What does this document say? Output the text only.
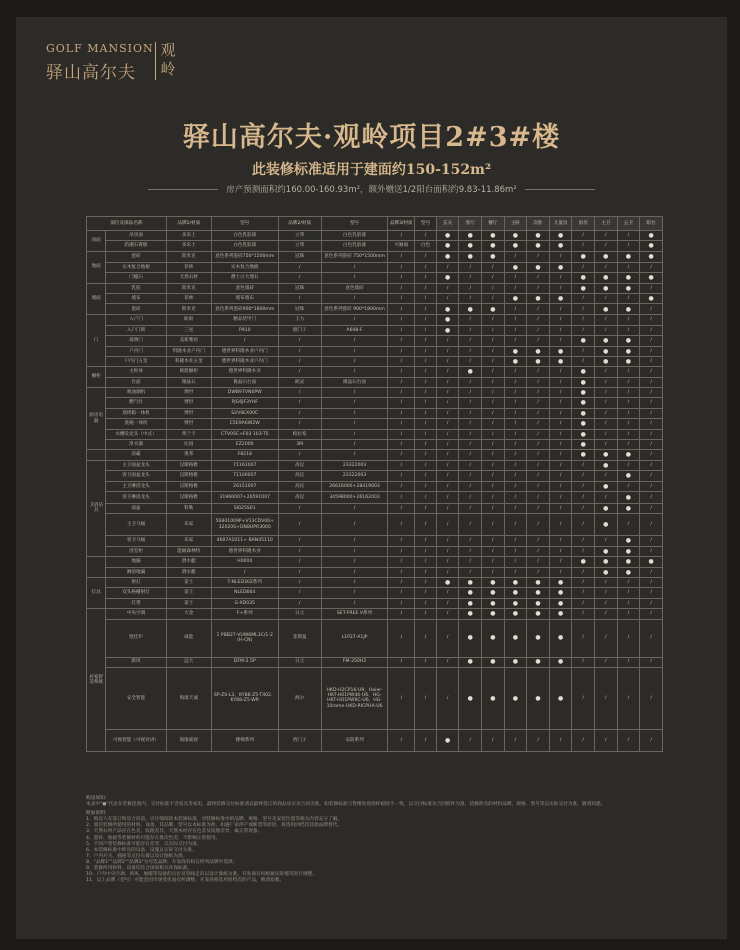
GOLF MANSION
驿山高尔夫
观岭
驿山高尔夫·观岭项目2#3#楼
此装修标准适用于建面约150-152m²
房产预测面积约160.00-160.93m²，额外赠送1/2阳台面积约9.83-11.86m²
部位及部品名称		品牌1/材质	型号	品牌2/材质	型号	品牌3/材质	型号	玄关	客厅	餐厅	主卧	次卧	儿童房	厨房	主卫	公卫	阳台
顶面	吊顶面	多乐士	白色乳胶漆	立邦	白色乳胶漆	/	/	●	●	●	●	●	●	/	/	/	●
	防潮石膏板	多乐士	白色乳胶漆	立邦	白色乳胶漆	可耐福	白色	●	●	●	●	●	●	/	/	/	●
地面	瓷砖	斯米克	意色系列瓷砖750*1500mm	冠珠	意色系列瓷砖 750*1500mm	/	/	●	●	●	/	/	/	●	●	●	●
	实木复合地板	菲林	实木复合地板	/	/	/	/	/	/	/	●	●	●	/	/	/	/
	门槛石	天然石材	爵士白大理石	/	/	/	/	●	/	/	/	/	/	●	●	●	●
墙面	乳胶	斯米克	意色墙砖	冠珠	意色墙砖	/	/	/	/	/	/	/	/	●	●	●	/
	墙布	菲林	墙布墙布	/	/	/	/	/	/	/	●	●	●	/	/	/	●
	瓷砖	斯米克	意色系列瓷砖900*1800mm	冠珠	意色系列瓷砖 900*1800mm	/	/	●	●	●	/	/	/	/	●	●	/
门	入户门	盼盼	精品装甲门	王力	/	/	/	●	/	/	/	/	/	/	/	/	/
	入户门锁	三星	P910	德门子	A608-F	/	/	●	/	/	/	/	/	/	/	/	/
	玻璃门	美新雅居	/	/	/	/	/	/	/	/	/	/	/	●	●	●	/
	户内门	科隆木业户内门	德世界科隆木业户内门	/	/	/	/	/	/	/	●	●	●	/	●	●	/
	户内门五金	科隆木业五金	德世界科隆木业户内门	/	/	/	/	/	/	/	●	●	●	/	●	●	/
橱柜	主柜体	欧派橱柜	德世界科隆木业	/	/	/	/	/	●	/	/	/	/	●	/	/	/
	台面	微晶石	微晶石台面	欧灵	微晶石台面	/	/	/	/	/	/	/	/	●	/	/	/
厨房电器	吸油烟机	博世	DWB97VN6PW	/	/	/	/	/	/	/	/	/	/	●	/	/	/
	燃气灶	博世	PJG6JF3YHF	/	/	/	/	/	/	/	/	/	/	●	/	/	/
	蒸烤箱一体机	博世	S2V9EX00C	/	/	/	/	/	/	/	/	/	/	●	/	/	/
	洗碗一体机	博世	C5E9A6W2W	/	/	/	/	/	/	/	/	/	/	●	/	/	/
	水槽及龙头（中式）	弗兰卡	CTV0SC+F03 103-T5	帕拉希	/	/	/	/	/	/	/	/	/	●	/	/	/
	净水器	沁园	EZ2000	3M	/	/	/	/	/	/	/	/	/	●	/	/	/
	浴霸	奥邦	F8218	/	/	/	/	/	/	/	/	/	/	●	●	●	/
卫浴洁具	主卫面盆龙头	汉斯格雅	71161007	高仪	23322003	/	/	/	/	/	/	/	/	/	●	/	/
	客卫面盆龙头	汉斯格雅	71100007	高仪	23322003	/	/	/	/	/	/	/	/	/	/	●	/
	主卫淋浴龙头	汉斯格雅	26151007	高仪	26616000+28419003	/	/	/	/	/	/	/	/	/	●	/	/
	客卫淋浴龙头	汉斯格雅	31960007+26591007	高仪	34598000+26162003	/	/	/	/	/	/	/	/	/	/	●	/
	面盆	科勒	SI025S01	/	/	/	/	/	/	/	/	/	/	/	●	●	/
	主卫马桶	乐家	56841009P+V13CDV00+ 32020S+DN8UPR3000	/	/	/	/	/	/	/	/	/	/	/	●	/	/
	客卫马桶	乐家	4607A1011+ BAN45110	/	/	/	/	/	/	/	/	/	/	/	/	●	/
	浴室柜	能耐森林特	德世界科隆木业	/	/	/	/	/	/	/	/	/	/	/	●	●	/
	地漏	潜水艇	H0004	/	/	/	/	/	/	/	/	/	/	●	●	●	●
	淋浴地漏	潜水艇	/	/	/	/	/	/	/	/	/	/	/	/	●	●	/
灯具	射灯	雷士	T-NLED302系列	/	/	/	/	●	●	●	●	●	●	/	/	/	/
	双头格栅射灯	雷士	NLED664	/	/	/	/	/	●	●	●	●	●	/	/	/	/
	灯带	雷士	G-XD035	/	/	/	/	/	●	●	●	●	●	/	/	/	/
居家舒适系统	中央空调	大金	F+系列	日立	SET-FREE V系列	/	/	/	●	●	●	●	●	/	/	/	/
	壁挂炉	威能	1 PBB27-VUW6ML3C/1-2 (H-CN)	菲斯曼	L1P27-A1JP	/	/	/	●	●	●	●	●	/	/	/	/
	新风	远大	DFM-2.5P	日立	FM-250H2	/	/	/	●	●	●	●	●	/	/	/	/
	安全智能	海康天诚	SP-ZS-L3、KY88-Z5-T402、KY88-Z5-WR	海尔	HKD-H2CP16-U9、Haier-HKT-H01PW46-U6、HG-HKT-HO1PW6C-U6、HG-10rome-UKD-RICPHA-U6	/	/	/	●	●	●	●	●	/	/	/	/
	可视智能（可视对讲）	海康威视	楼梯系列	西门子	安防系列	/	/	●	/	/	/	/	/	/	/	/	/

购房须知：

本表中"●"代表在装修范围内，交付标准不含家具等家电，最终装修交付标准请以最终签订的商品房买卖合同为准。如装修标准与售楼处现场样板间不一致，以交付标准及合同附件为准，装修涉及的材料品牌、规格、型号等以实际交付为准，敬请知悉。

附加说明：

1、购房人在签订购房合同前，应仔细阅读本装修标准，对装修标准中的品牌、规格、型号及安装位置等相关内容充分了解。

2、项目装修所使用的材料、设备，其品牌、型号以本标准为准，如遇厂家停产或断货等原因，将选用同档次其他品牌替代。

3、天然石材产品存在色差、纹理差异，天然木材存在色差及纹理差异，属正常现象。

4、瓷砖、地板等装修材料可能存在批次色差，不影响正常使用。

5、不同户型装修标准可能存在差异，以实际交付为准。

6、本装修标准中涉及的设备、设施以实际交付为准。

7、户内开关、插座等点位布置以设计图纸为准。

8、"品牌1""品牌2""品牌3"为可选品牌，开发商有权在所列品牌中选择。

9、装修所用材料、设备均符合国家相关环保标准。

10、户内中央空调、新风、地暖等设备的点位及管线走向以设计图纸为准，开发商有权根据实际情况进行调整。

11、以上品牌（型号）可能会因市场变化而有所调整，开发商将选用同档次的产品，敬请知悉。
